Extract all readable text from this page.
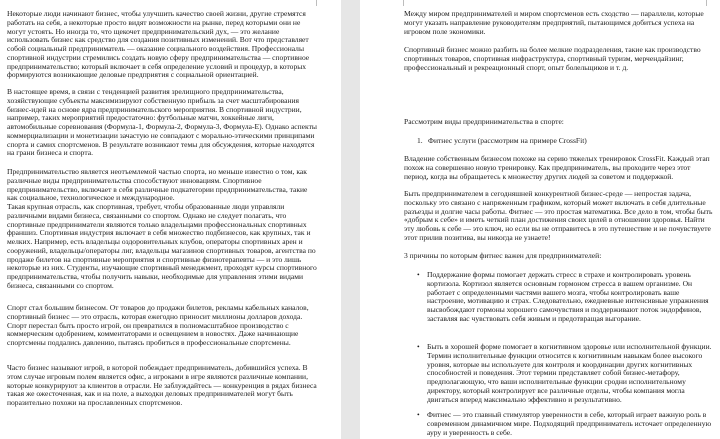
Некоторые люди начинают бизнес, чтобы улучшить качество своей жизни, другие стремятся работать на себя, а некоторые просто видят возможности на рынке, перед которыми они не могут устоять. Но иногда то, что щекочет предпринимательский дух, — это желание использовать бизнес как средство для создания позитивных изменений. Вот что представляет собой социальный предприниматель — оказание социального воздействия. Профессионалы спортивной индустрии стремились создать новую сферу предпринимательства — спортивное предпринимательство; который включает в себя определение условий и процедур, в которых формируются возникающие деловые предприятия с социальной ориентацией.

В настоящее время, в связи с тенденцией развития зрелищного предпринимательства, хозяйствующие субъекты максимизируют собственную прибыль за счет масштабирования бизнес-идей на основе ядра предпринимательского мероприятия. В спортивной индустрии, например, таких мероприятий предостаточно: футбольные матчи, хоккейные лиги, автомобильные соревнования (Формула-1, Формула-2, Формула-3, Формула-Е). Однако аспекты коммерциализации и монетизации зачастую не совпадают с морально-этическими принципами спорта и самих спортсменов. В результате возникают темы для обсуждения, которые находятся на грани бизнеса и спорта.

Предпринимательство является неотъемлемой частью спорта, но меньше известно о том, как различные виды предпринимательства способствуют инновациям. Спортивное предпринимательство, включает в себя различные подкатегории предпринимательства, такие как социальное, технологическое и международное.

Такая крупная отрасль, как спортивная, требует, чтобы образованные люди управляли различными видами бизнеса, связанными со спортом. Однако не следует полагать, что спортивные предприниматели являются только владельцами профессиональных спортивных франшиз. Спортивная индустрия включает в себя множество подбизнесов, как крупных, так и мелких. Например, есть владельцы оздоровительных клубов, операторы спортивных арен и сооружений, владельцы/операторы лиг, владельцы магазинов спортивных товаров, агентства по продаже билетов на спортивные мероприятия и спортивные физиотерапевты — и это лишь некоторые из них. Студенты, изучающие спортивный менеджмент, проходят курсы спортивного предпринимательства, чтобы получить навыки, необходимые для управления этими видами бизнеса, связанными со спортом.

Спорт стал большим бизнесом. От товаров до продажи билетов, рекламы кабельных каналов, спортивный бизнес — это отрасль, которая ежегодно приносит миллионы долларов дохода. Спорт перестал быть просто игрой, он превратился в полномасштабное производство с коммерческим одобрением, комментаторами и освещением в новостях. Даже начинающие спортсмены поддались давлению, пытаясь пробиться в профессиональные спортсмены.

Часто бизнес называют игрой, в которой побеждает предприниматель, добившийся успеха. В этом случае игровым полем является офис, а игроками в игре являются различные компании, которые конкурируют за клиентов в отрасли. Не заблуждайтесь — конкуренция в рядах бизнеса такая же ожесточенная, как и на поле, а выходки деловых предпринимателей могут быть поразительно похожи на прославленных спортсменов.

Между миром предпринимателей и миром спортсменов есть сходство — параллели, которые могут указать направление руководителям предприятий, пытающимся добиться успеха на игровом поле экономики.

Спортивный бизнес можно разбить на более мелкие подразделения, такие как производство спортивных товаров, спортивная инфраструктура, спортивный туризм, мерчендайзинг, профессиональный и рекреационный спорт, опыт болельщиков и т. д.

Рассмотрим виды предпринимательства в спорте:

1. Фитнес услуги (рассмотрим на примере CrossFit)

Владение собственным бизнесом похоже на серию тяжелых тренировок CrossFit. Каждый этап похож на совершенно новую тренировку. Как предприниматель, вы проходите через этот период, когда вы обращаетесь к множеству других людей за советом и поддержкой.

Быть предпринимателем в сегодняшней конкурентной бизнес-среде — непростая задача, поскольку это связано с напряженным графиком, который может включать в себя длительные разъезды и долгие часы работы. Фитнес — это простая математика. Все дело в том, чтобы быть «добрым к себе» и иметь четкий план достижения своих целей в отношении здоровья. Найти эту любовь к себе — это ключ, но если вы не отправитесь в это путешествие и не почувствуете этот прилив позитива, вы никогда не узнаете!

3 причины по которым фитнес важен для предпринимателей:

• Поддержание формы помогает держать стресс в страхе и контролировать уровень кортизола. Кортизол является основным гормоном стресса в вашем организме. Он работает с определенными частями вашего мозга, чтобы контролировать ваше настроение, мотивацию и страх. Следовательно, ежедневные интенсивные упражнения высвобождают гормоны хорошего самочувствия и поддерживают поток эндорфинов, заставляя вас чувствовать себя живым и предотвращая выгорание.
• Быть в хорошей форме помогает в когнитивном здоровье или исполнительной функции. Термин исполнительные функции относится к когнитивным навыкам более высокого уровня, которые вы используете для контроля и координации других когнитивных способностей и поведения. Этот термин представляет собой бизнес-метафору, предполагающую, что ваши исполнительные функции сродни исполнительному директору, который контролирует все различные отделы, чтобы компания могла двигаться вперед максимально эффективно и результативно.
• Фитнес — это главный стимулятор уверенности в себе, который играет важную роль в современном динамичном мире. Подходящий предприниматель источает определенную ауру и уверенность в себе.
